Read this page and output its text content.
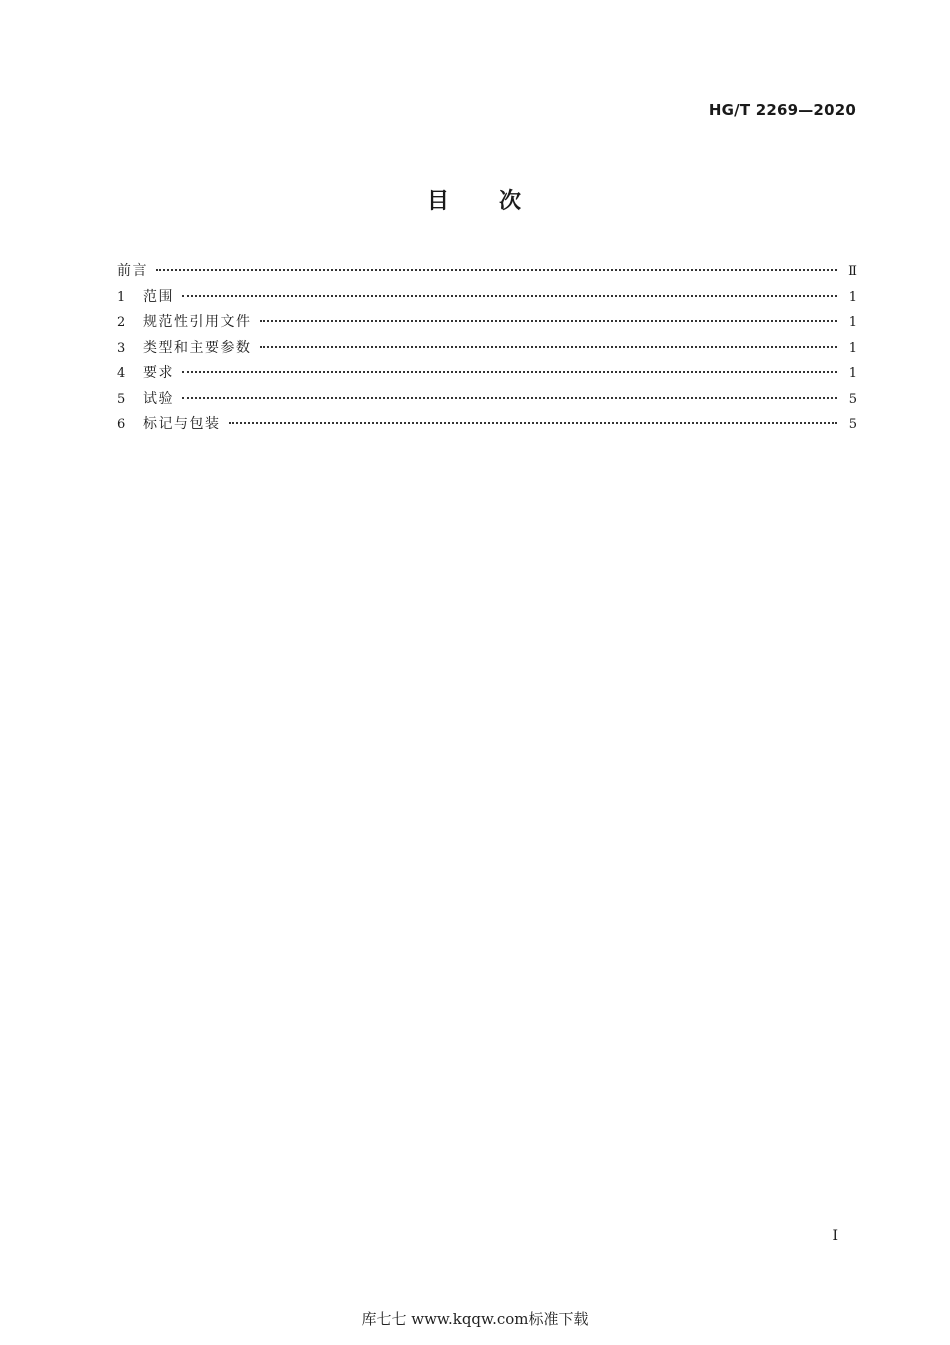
HG/T 2269—2020
目 次
前言	Ⅱ
1	范围	1
2	规范性引用文件	1
3	类型和主要参数	1
4	要求	1
5	试验	5
6	标记与包装	5
I
库七七 www.kqqw.com标准下载
